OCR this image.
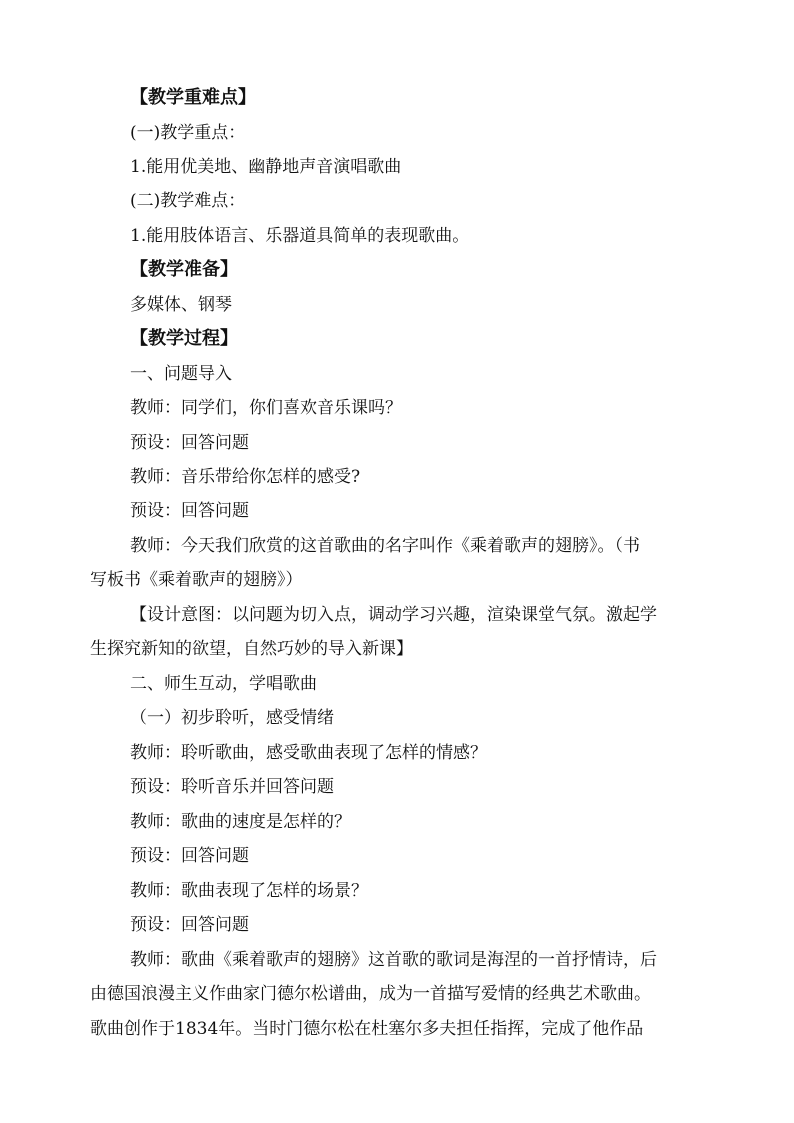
【教学重难点】
(一)教学重点：
1.能用优美地、幽静地声音演唱歌曲
(二)教学难点：
1.能用肢体语言、乐器道具简单的表现歌曲。
【教学准备】
多媒体、钢琴
【教学过程】
一、问题导入
教师：同学们，你们喜欢音乐课吗？
预设：回答问题
教师：音乐带给你怎样的感受?
预设：回答问题
教师：今天我们欣赏的这首歌曲的名字叫作《乘着歌声的翅膀》。（书
写板书《乘着歌声的翅膀》）
【设计意图：以问题为切入点，调动学习兴趣，渲染课堂气氛。激起学
生探究新知的欲望，自然巧妙的导入新课】
二、师生互动，学唱歌曲
（一）初步聆听，感受情绪
教师：聆听歌曲，感受歌曲表现了怎样的情感？
预设：聆听音乐并回答问题
教师：歌曲的速度是怎样的？
预设：回答问题
教师：歌曲表现了怎样的场景？
预设：回答问题
教师：歌曲《乘着歌声的翅膀》这首歌的歌词是海涅的一首抒情诗，后
由德国浪漫主义作曲家门德尔松谱曲，成为一首描写爱情的经典艺术歌曲。
歌曲创作于1834年。当时门德尔松在杜塞尔多夫担任指挥，完成了他作品
